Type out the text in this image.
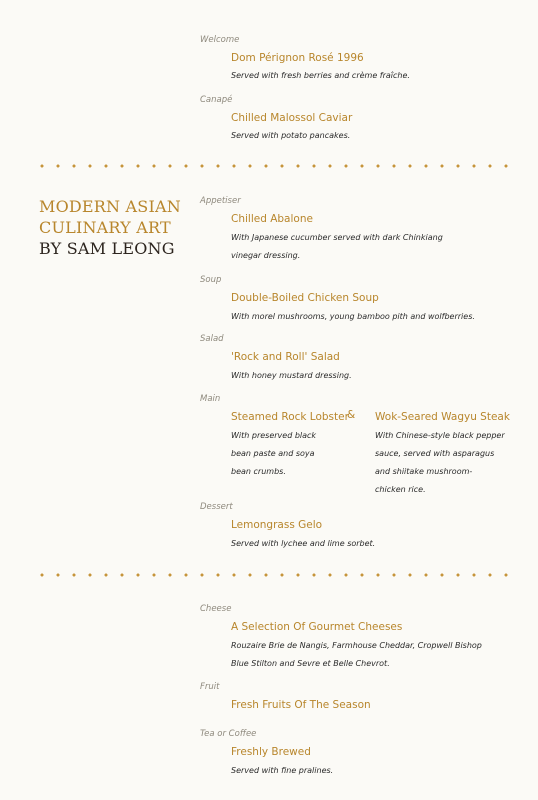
Welcome
Dom Pérignon Rosé 1996
Served with fresh berries and crème fraîche.
Canapé
Chilled Malossol Caviar
Served with potato pancakes.
MODERN ASIAN
CULINARY ART
BY SAM LEONG
Appetiser
Chilled Abalone
With Japanese cucumber served with dark Chinkiang
vinegar dressing.
Soup
Double-Boiled Chicken Soup
With morel mushrooms, young bamboo pith and wolfberries.
Salad
'Rock and Roll' Salad
With honey mustard dressing.
Main
Steamed Rock Lobster
& Wok-Seared Wagyu Steak
With preserved black
bean paste and soya
bean crumbs.
With Chinese-style black pepper
sauce, served with asparagus
and shiitake mushroom-
chicken rice.
Dessert
Lemongrass Gelo
Served with lychee and lime sorbet.
Cheese
A Selection Of Gourmet Cheeses
Rouzaire Brie de Nangis, Farmhouse Cheddar, Cropwell Bishop
Blue Stilton and Sevre et Belle Chevrot.
Fruit
Fresh Fruits Of The Season
Tea or Coffee
Freshly Brewed
Served with fine pralines.
